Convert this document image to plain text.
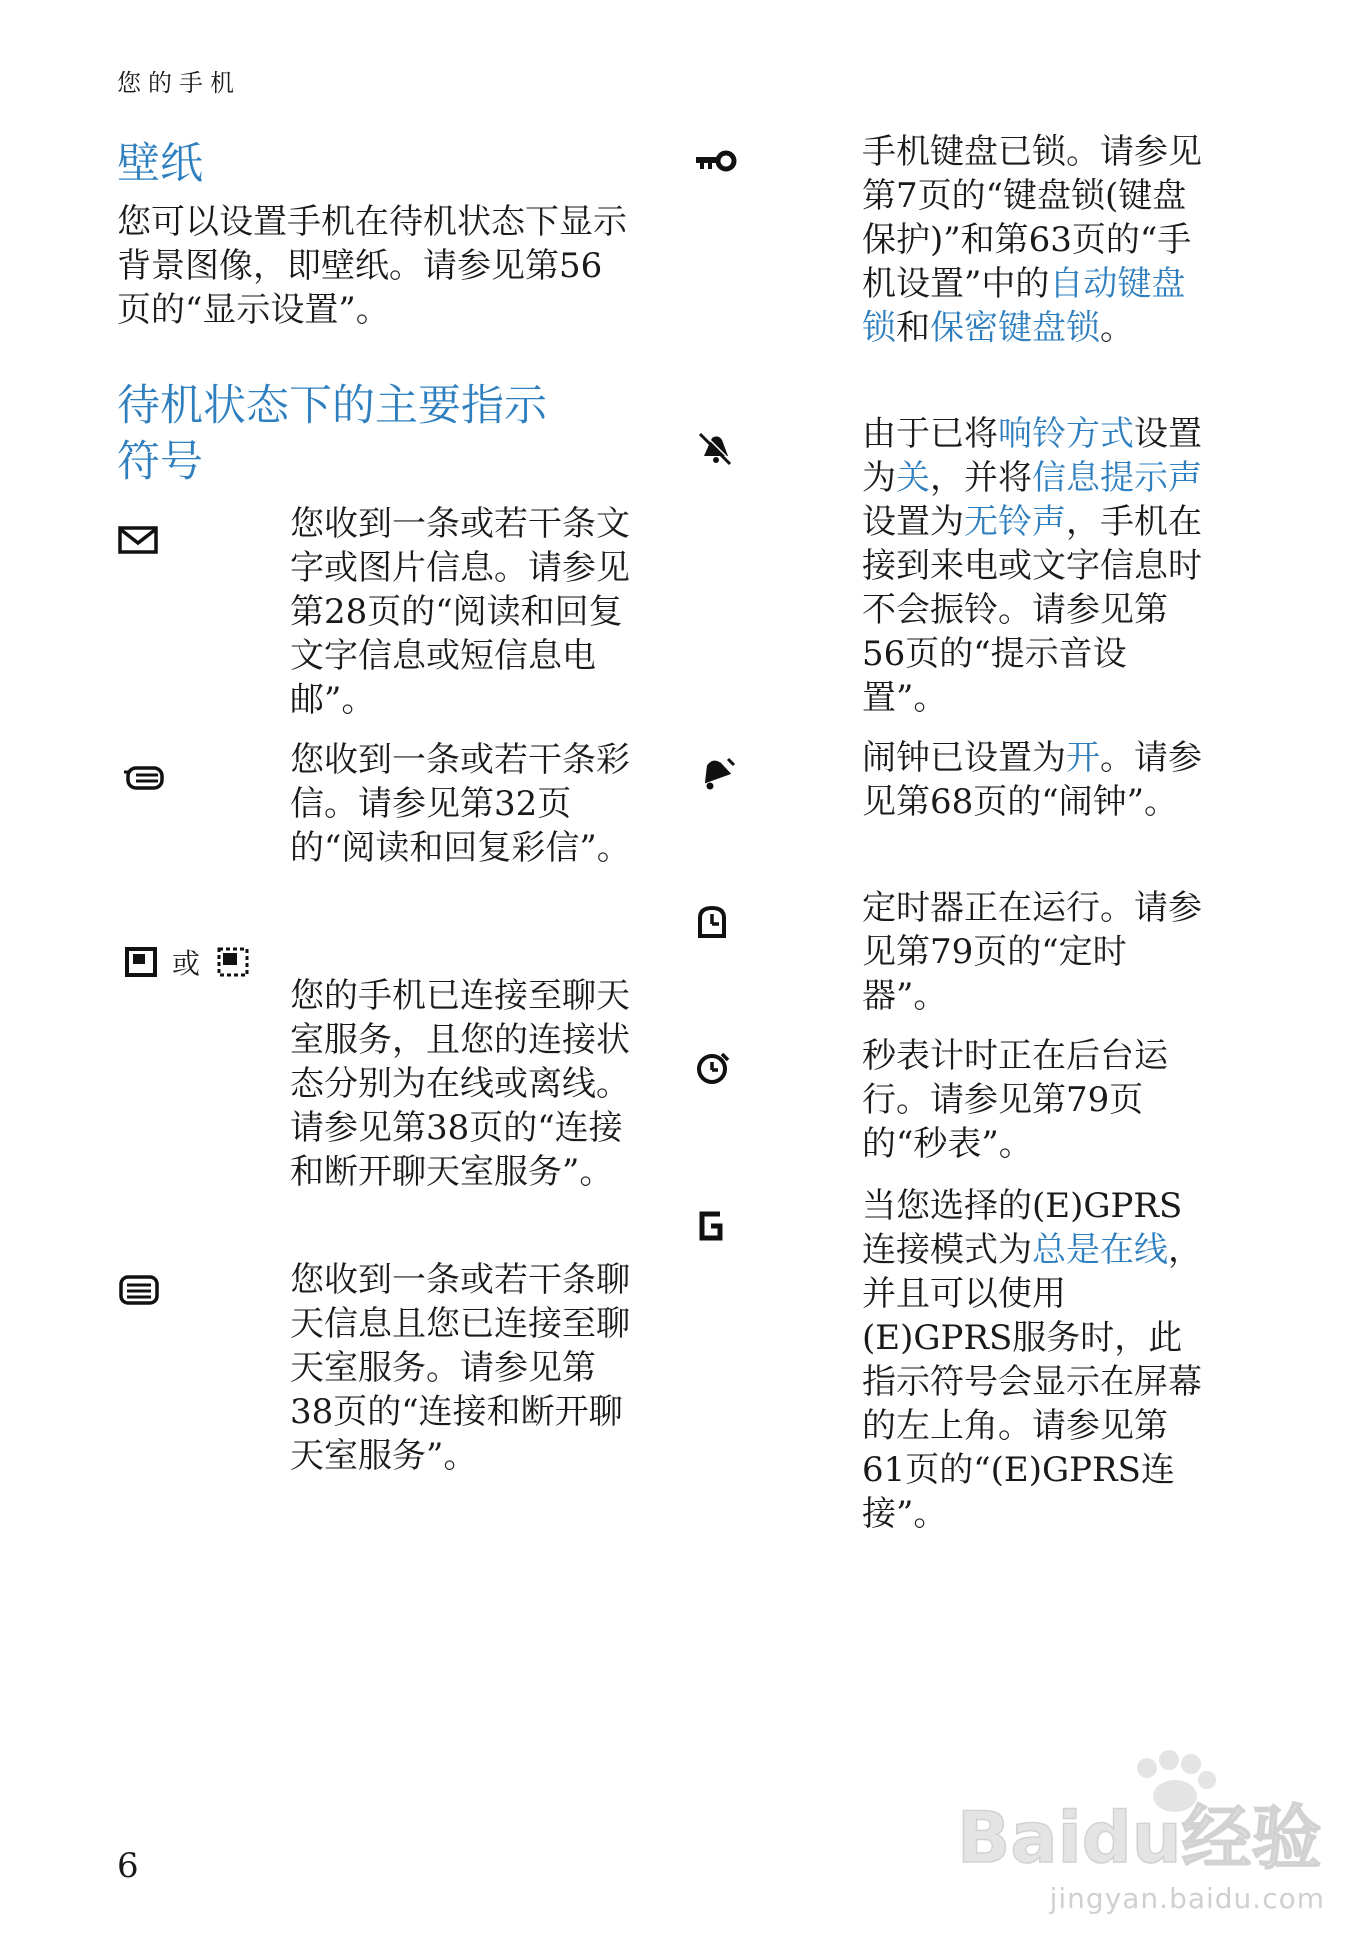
您的手机
壁纸
您可以设置手机在待机状态下显示背景图像，即壁纸。请参见第56页的“显示设置”。
待机状态下的主要指示
符号
您收到一条或若干条文字或图片信息。请参见第28页的“阅读和回复文字信息或短信息电邮”。
您收到一条或若干条彩信。请参见第32页的“阅读和回复彩信”。
或
您的手机已连接至聊天室服务，且您的连接状态分别为在线或离线。请参见第38页的“连接和断开聊天室服务”。
您收到一条或若干条聊天信息且您已连接至聊天室服务。请参见第38页的“连接和断开聊天室服务”。
手机键盘已锁。请参见第7页的“键盘锁(键盘保护)”和第63页的“手机设置”中的自动键盘锁和保密键盘锁。
由于已将响铃方式设置为关，并将信息提示声设置为无铃声，手机在接到来电或文字信息时不会振铃。请参见第56页的“提示音设置”。
闹钟已设置为开。请参见第68页的“闹钟”。
定时器正在运行。请参见第79页的“定时器”。
秒表计时正在后台运行。请参见第79页的“秒表”。
当您选择的(E)GPRS连接模式为总是在线，并且可以使用(E)GPRS服务时，此指示符号会显示在屏幕的左上角。请参见第61页的“(E)GPRS连接”。
6	Baidu经验
jingyan.baidu.com
